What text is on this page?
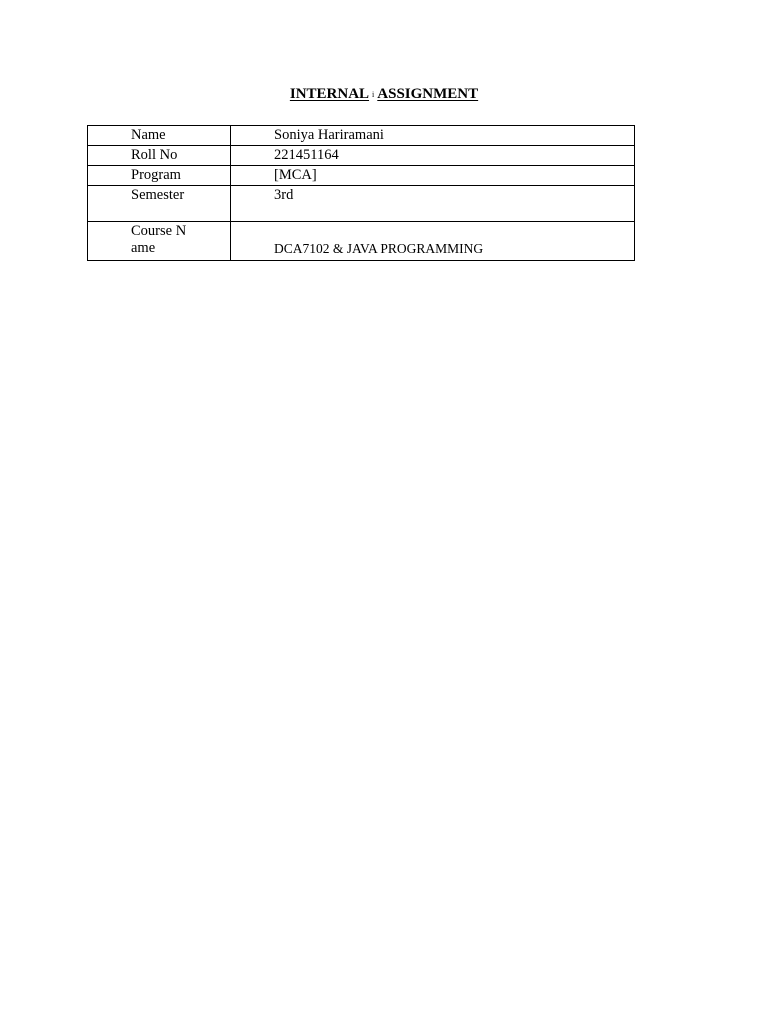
INTERNAL i ASSIGNMENT
Name	Soniya Hariramani

Roll No	221451164

Program	[MCA]

Semester	3rd

Course Name	DCA7102 & JAVA PROGRAMMING
